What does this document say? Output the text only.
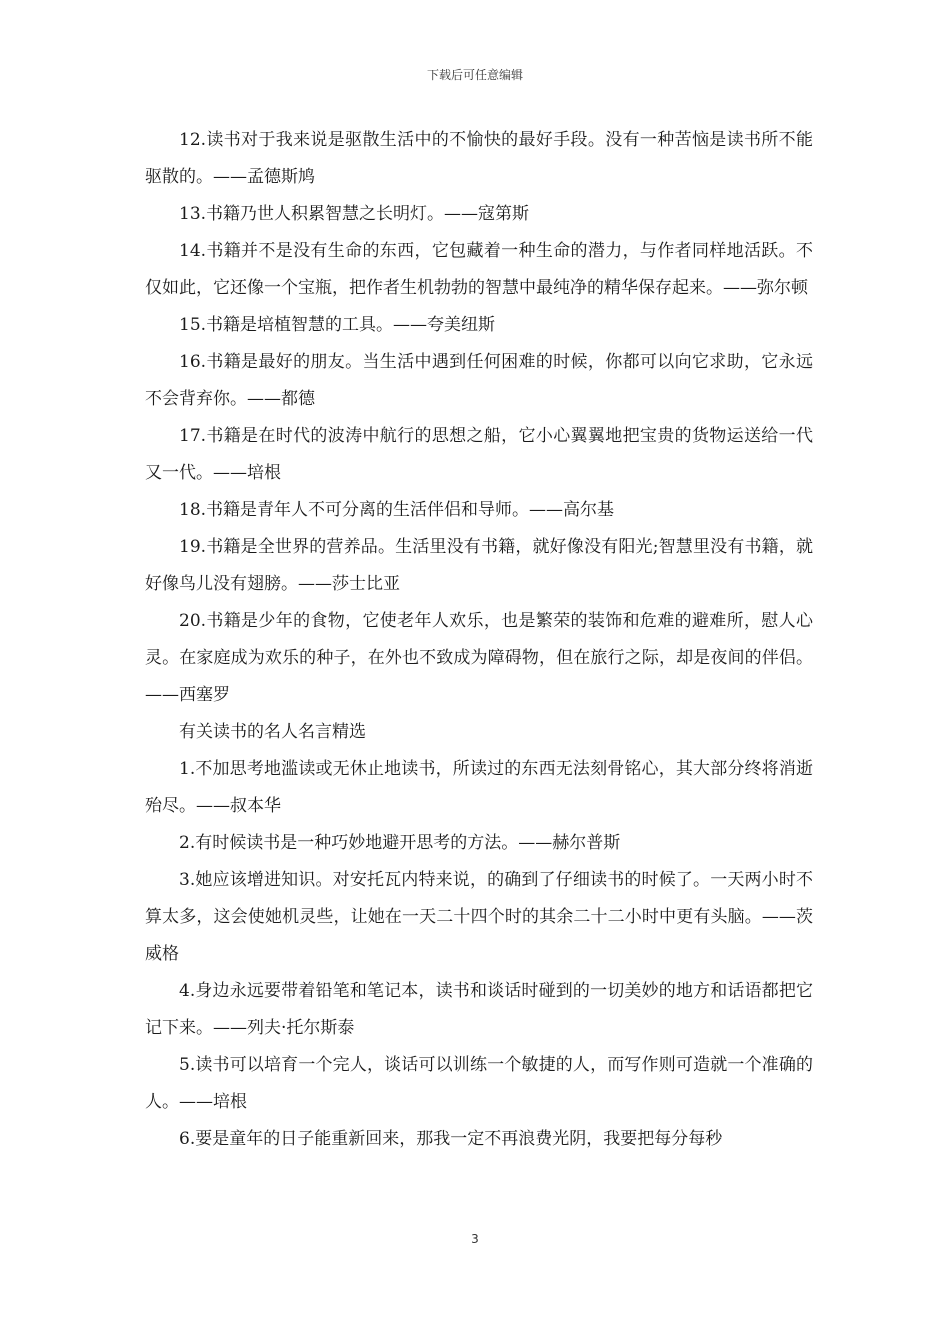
下载后可任意编辑

12.读书对于我来说是驱散生活中的不愉快的最好手段。没有一种苦恼是读书所不能驱散的。——孟德斯鸠

13.书籍乃世人积累智慧之长明灯。——寇第斯

14.书籍并不是没有生命的东西，它包藏着一种生命的潜力，与作者同样地活跃。不仅如此，它还像一个宝瓶，把作者生机勃勃的智慧中最纯净的精华保存起来。——弥尔顿

15.书籍是培植智慧的工具。——夸美纽斯

16.书籍是最好的朋友。当生活中遇到任何困难的时候，你都可以向它求助，它永远不会背弃你。——都德

17.书籍是在时代的波涛中航行的思想之船，它小心翼翼地把宝贵的货物运送给一代又一代。——培根

18.书籍是青年人不可分离的生活伴侣和导师。——高尔基

19.书籍是全世界的营养品。生活里没有书籍，就好像没有阳光;智慧里没有书籍，就好像鸟儿没有翅膀。——莎士比亚

20.书籍是少年的食物，它使老年人欢乐，也是繁荣的装饰和危难的避难所，慰人心灵。在家庭成为欢乐的种子，在外也不致成为障碍物，但在旅行之际，却是夜间的伴侣。——西塞罗

有关读书的名人名言精选

1.不加思考地滥读或无休止地读书，所读过的东西无法刻骨铭心，其大部分终将消逝殆尽。——叔本华

2.有时候读书是一种巧妙地避开思考的方法。——赫尔普斯

3.她应该增进知识。对安托瓦内特来说，的确到了仔细读书的时候了。一天两小时不算太多，这会使她机灵些，让她在一天二十四个时的其余二十二小时中更有头脑。——茨威格

4.身边永远要带着铅笔和笔记本，读书和谈话时碰到的一切美妙的地方和话语都把它记下来。——列夫·托尔斯泰

5.读书可以培育一个完人，谈话可以训练一个敏捷的人，而写作则可造就一个准确的人。——培根

6.要是童年的日子能重新回来，那我一定不再浪费光阴，我要把每分每秒

3
